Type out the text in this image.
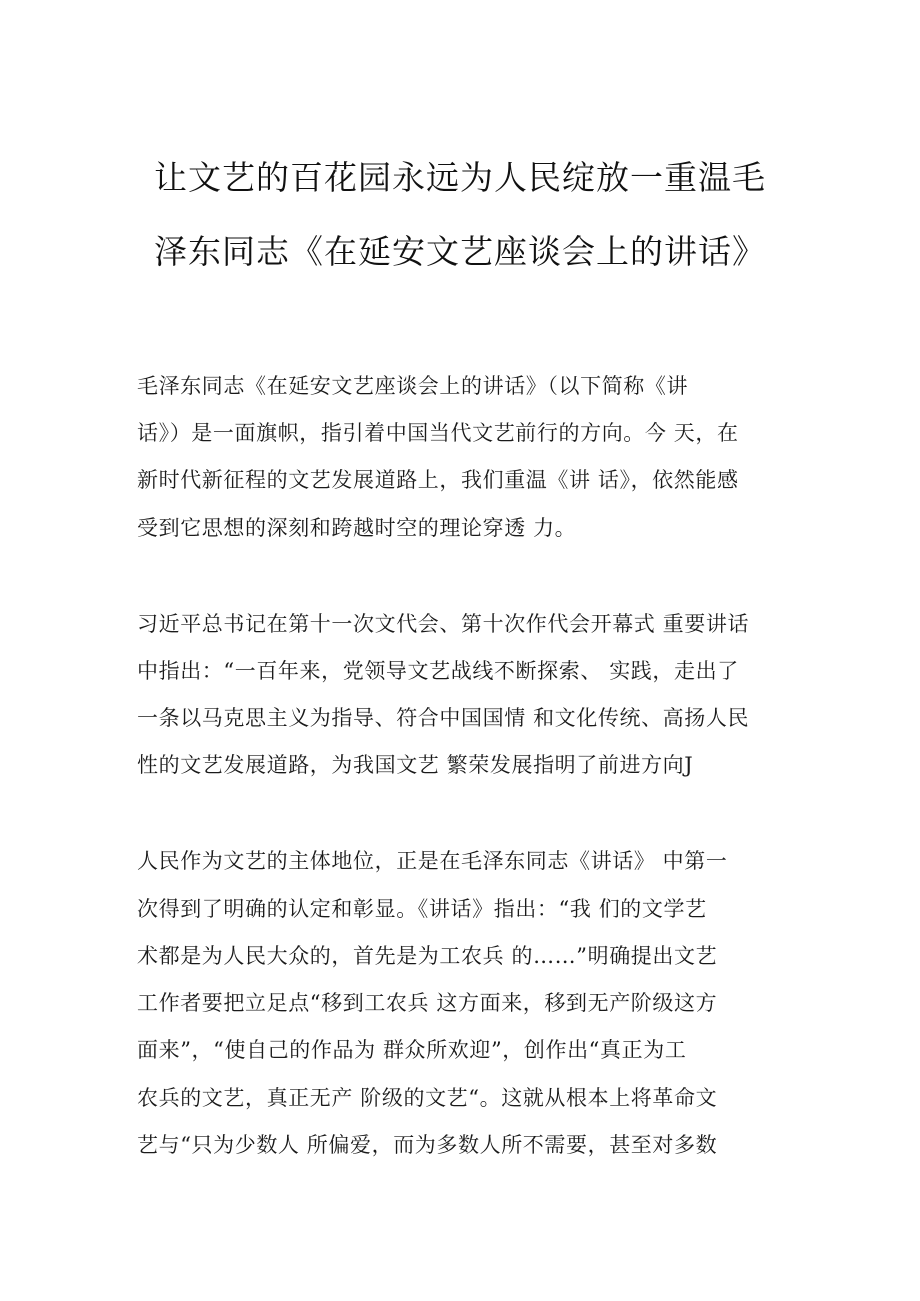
让文艺的百花园永远为人民绽放一重温毛
泽东同志《在延安文艺座谈会上的讲话》
毛泽东同志《在延安文艺座谈会上的讲话》（以下简称《讲
话》）是一面旗帜，指引着中国当代文艺前行的方向。今 天，在
新时代新征程的文艺发展道路上，我们重温《讲 话》，依然能感
受到它思想的深刻和跨越时空的理论穿透 力。
习近平总书记在第十一次文代会、第十次作代会开幕式 重要讲话
中指出：“一百年来，党领导文艺战线不断探索、 实践，走出了
一条以马克思主义为指导、符合中国国情 和文化传统、高扬人民
性的文艺发展道路，为我国文艺 繁荣发展指明了前进方向J
人民作为文艺的主体地位，正是在毛泽东同志《讲话》 中第一
次得到了明确的认定和彰显。《讲话》指出：“我 们的文学艺
术都是为人民大众的，首先是为工农兵 的……”明确提出文艺
工作者要把立足点“移到工农兵 这方面来，移到无产阶级这方
面来”，“使自己的作品为 群众所欢迎”，创作出“真正为工
农兵的文艺，真正无产 阶级的文艺“。这就从根本上将革命文
艺与“只为少数人 所偏爱，而为多数人所不需要，甚至对多数
